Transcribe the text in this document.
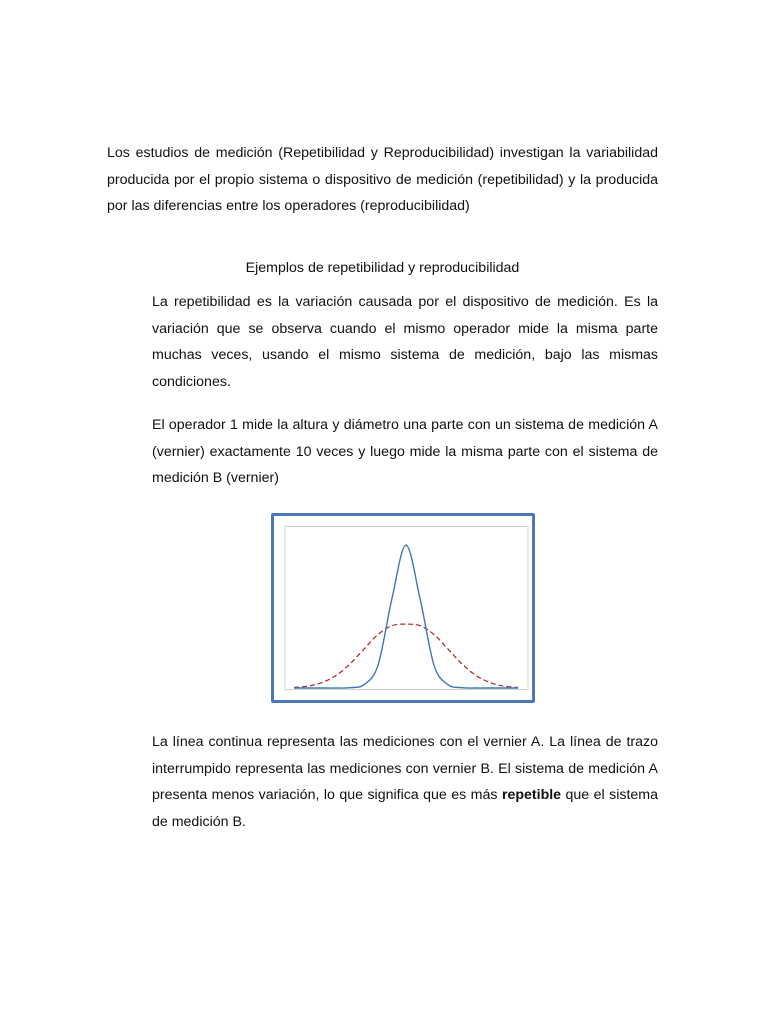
Los estudios de medición (Repetibilidad y Reproducibilidad) investigan la variabilidad producida por el propio sistema o dispositivo de medición (repetibilidad) y la producida por las diferencias entre los operadores (reproducibilidad)

Ejemplos de repetibilidad y reproducibilidad

La repetibilidad es la variación causada por el dispositivo de medición. Es la variación que se observa cuando el mismo operador mide la misma parte muchas veces, usando el mismo sistema de medición, bajo las mismas condiciones.

El operador 1 mide la altura y diámetro una parte con un sistema de medición A (vernier) exactamente 10 veces y luego mide la misma parte con el sistema de medición B (vernier)

La línea continua representa las mediciones con el vernier A. La línea de trazo interrumpido representa las mediciones con vernier B. El sistema de medición A presenta menos variación, lo que significa que es más repetible que el sistema de medición B.
